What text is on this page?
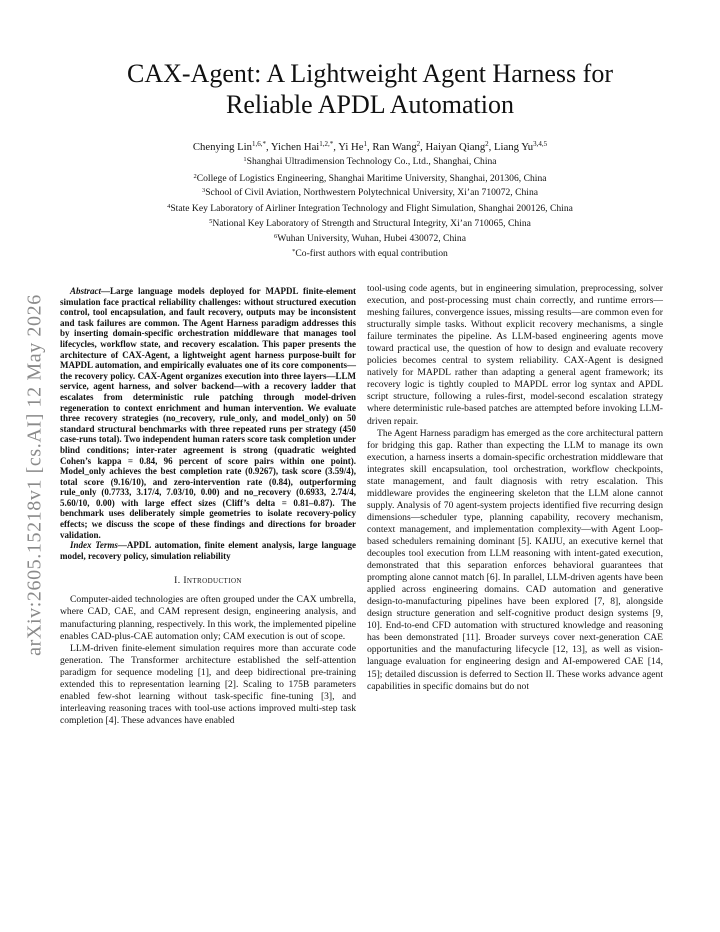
arXiv:2605.15218v1 [cs.AI] 12 May 2026
CAX-Agent: A Lightweight Agent Harness for
Reliable APDL Automation
Chenying Lin$^{1,6,*}$, Yichen Hai$^{1,2,*}$, Yi He$^1$, Ran Wang$^2$, Haiyan Qiang$^2$, Liang Yu$^{3,4,5}$
$^1$Shanghai Ultradimension Technology Co., Ltd., Shanghai, China
$^2$College of Logistics Engineering, Shanghai Maritime University, Shanghai, 201306, China
$^3$School of Civil Aviation, Northwestern Polytechnical University, Xi’an 710072, China
$^4$State Key Laboratory of Airliner Integration Technology and Flight Simulation, Shanghai 200126, China
$^5$National Key Laboratory of Strength and Structural Integrity, Xi’an 710065, China
$^6$Wuhan University, Wuhan, Hubei 430072, China
*Co-first authors with equal contribution

Abstract—Large language models deployed for MAPDL finite-element simulation face practical reliability challenges: without structured execution control, tool encapsulation, and fault recovery, outputs may be inconsistent and task failures are common. The Agent Harness paradigm addresses this by inserting domain-specific orchestration middleware that manages tool lifecycles, workflow state, and recovery escalation. This paper presents the architecture of CAX-Agent, a lightweight agent harness purpose-built for MAPDL automation, and empirically evaluates one of its core components—the recovery policy. CAX-Agent organizes execution into three layers—LLM service, agent harness, and solver backend—with a recovery ladder that escalates from deterministic rule patching through model-driven regeneration to context enrichment and human intervention. We evaluate three recovery strategies (no_recovery, rule_only, and model_only) on 50 standard structural benchmarks with three repeated runs per strategy (450 case-runs total). Two independent human raters score task completion under blind conditions; inter-rater agreement is strong (quadratic weighted Cohen’s kappa = 0.84, 96 percent of score pairs within one point). Model_only achieves the best completion rate (0.9267), task score (3.59/4), total score (9.16/10), and zero-intervention rate (0.84), outperforming rule_only (0.7733, 3.17/4, 7.03/10, 0.00) and no_recovery (0.6933, 2.74/4, 5.60/10, 0.00) with large effect sizes (Cliff’s delta = 0.81–0.87). The benchmark uses deliberately simple geometries to isolate recovery-policy effects; we discuss the scope of these findings and directions for broader validation.

Index Terms—APDL automation, finite element analysis, large language model, recovery policy, simulation reliability

I. Introduction

Computer-aided technologies are often grouped under the CAX umbrella, where CAD, CAE, and CAM represent design, engineering analysis, and manufacturing planning, respectively. In this work, the implemented pipeline enables CAD-plus-CAE automation only; CAM execution is out of scope.

LLM-driven finite-element simulation requires more than accurate code generation. The Transformer architecture established the self-attention paradigm for sequence modeling [1], and deep bidirectional pre-training extended this to representation learning [2]. Scaling to 175B parameters enabled few-shot learning without task-specific fine-tuning [3], and interleaving reasoning traces with tool-use actions improved multi-step task completion [4]. These advances have enabled

tool-using code agents, but in engineering simulation, preprocessing, solver execution, and post-processing must chain correctly, and runtime errors—meshing failures, convergence issues, missing results—are common even for structurally simple tasks. Without explicit recovery mechanisms, a single failure terminates the pipeline. As LLM-based engineering agents move toward practical use, the question of how to design and evaluate recovery policies becomes central to system reliability. CAX-Agent is designed natively for MAPDL rather than adapting a general agent framework; its recovery logic is tightly coupled to MAPDL error log syntax and APDL script structure, following a rules-first, model-second escalation strategy where deterministic rule-based patches are attempted before invoking LLM-driven repair.

The Agent Harness paradigm has emerged as the core architectural pattern for bridging this gap. Rather than expecting the LLM to manage its own execution, a harness inserts a domain-specific orchestration middleware that integrates skill encapsulation, tool orchestration, workflow checkpoints, state management, and fault diagnosis with retry escalation. This middleware provides the engineering skeleton that the LLM alone cannot supply. Analysis of 70 agent-system projects identified five recurring design dimensions—scheduler type, planning capability, recovery mechanism, context management, and implementation complexity—with Agent Loop-based schedulers remaining dominant [5]. KAIJU, an executive kernel that decouples tool execution from LLM reasoning with intent-gated execution, demonstrated that this separation enforces behavioral guarantees that prompting alone cannot match [6]. In parallel, LLM-driven agents have been applied across engineering domains. CAD automation and generative design-to-manufacturing pipelines have been explored [7, 8], alongside design structure generation and self-cognitive product design systems [9, 10]. End-to-end CFD automation with structured knowledge and reasoning has been demonstrated [11]. Broader surveys cover next-generation CAE opportunities and the manufacturing lifecycle [12, 13], as well as vision-language evaluation for engineering design and AI-empowered CAE [14, 15]; detailed discussion is deferred to Section II. These works advance agent capabilities in specific domains but do not
